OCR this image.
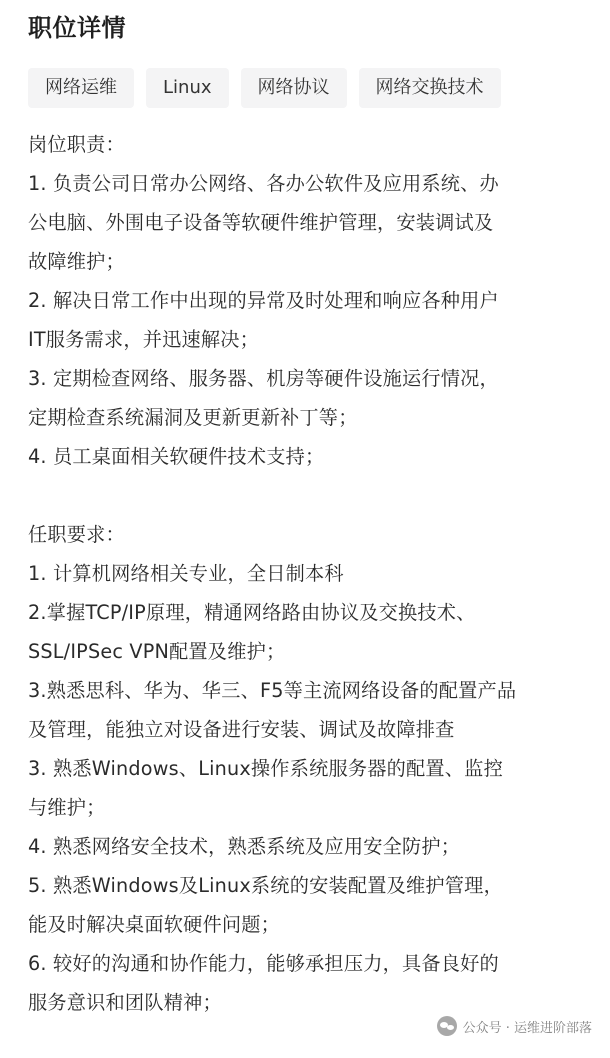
职位详情
网络运维	Linux	网络协议	网络交换技术
岗位职责：
1. 负责公司日常办公网络、各办公软件及应用系统、办
公电脑、外围电子设备等软硬件维护管理，安装调试及
故障维护；
2. 解决日常工作中出现的异常及时处理和响应各种用户
IT服务需求，并迅速解决；
3. 定期检查网络、服务器、机房等硬件设施运行情况，
定期检查系统漏洞及更新更新补丁等；
4. 员工桌面相关软硬件技术支持；
任职要求：
1. 计算机网络相关专业，全日制本科
2.掌握TCP/IP原理，精通网络路由协议及交换技术、
SSL/IPSec VPN配置及维护；
3.熟悉思科、华为、华三、F5等主流网络设备的配置产品
及管理，能独立对设备进行安装、调试及故障排查
3. 熟悉Windows、Linux操作系统服务器的配置、监控
与维护；
4. 熟悉网络安全技术，熟悉系统及应用安全防护；
5. 熟悉Windows及Linux系统的安装配置及维护管理，
能及时解决桌面软硬件问题；
6. 较好的沟通和协作能力，能够承担压力，具备良好的
服务意识和团队精神；
公众号 · 运维进阶部落
